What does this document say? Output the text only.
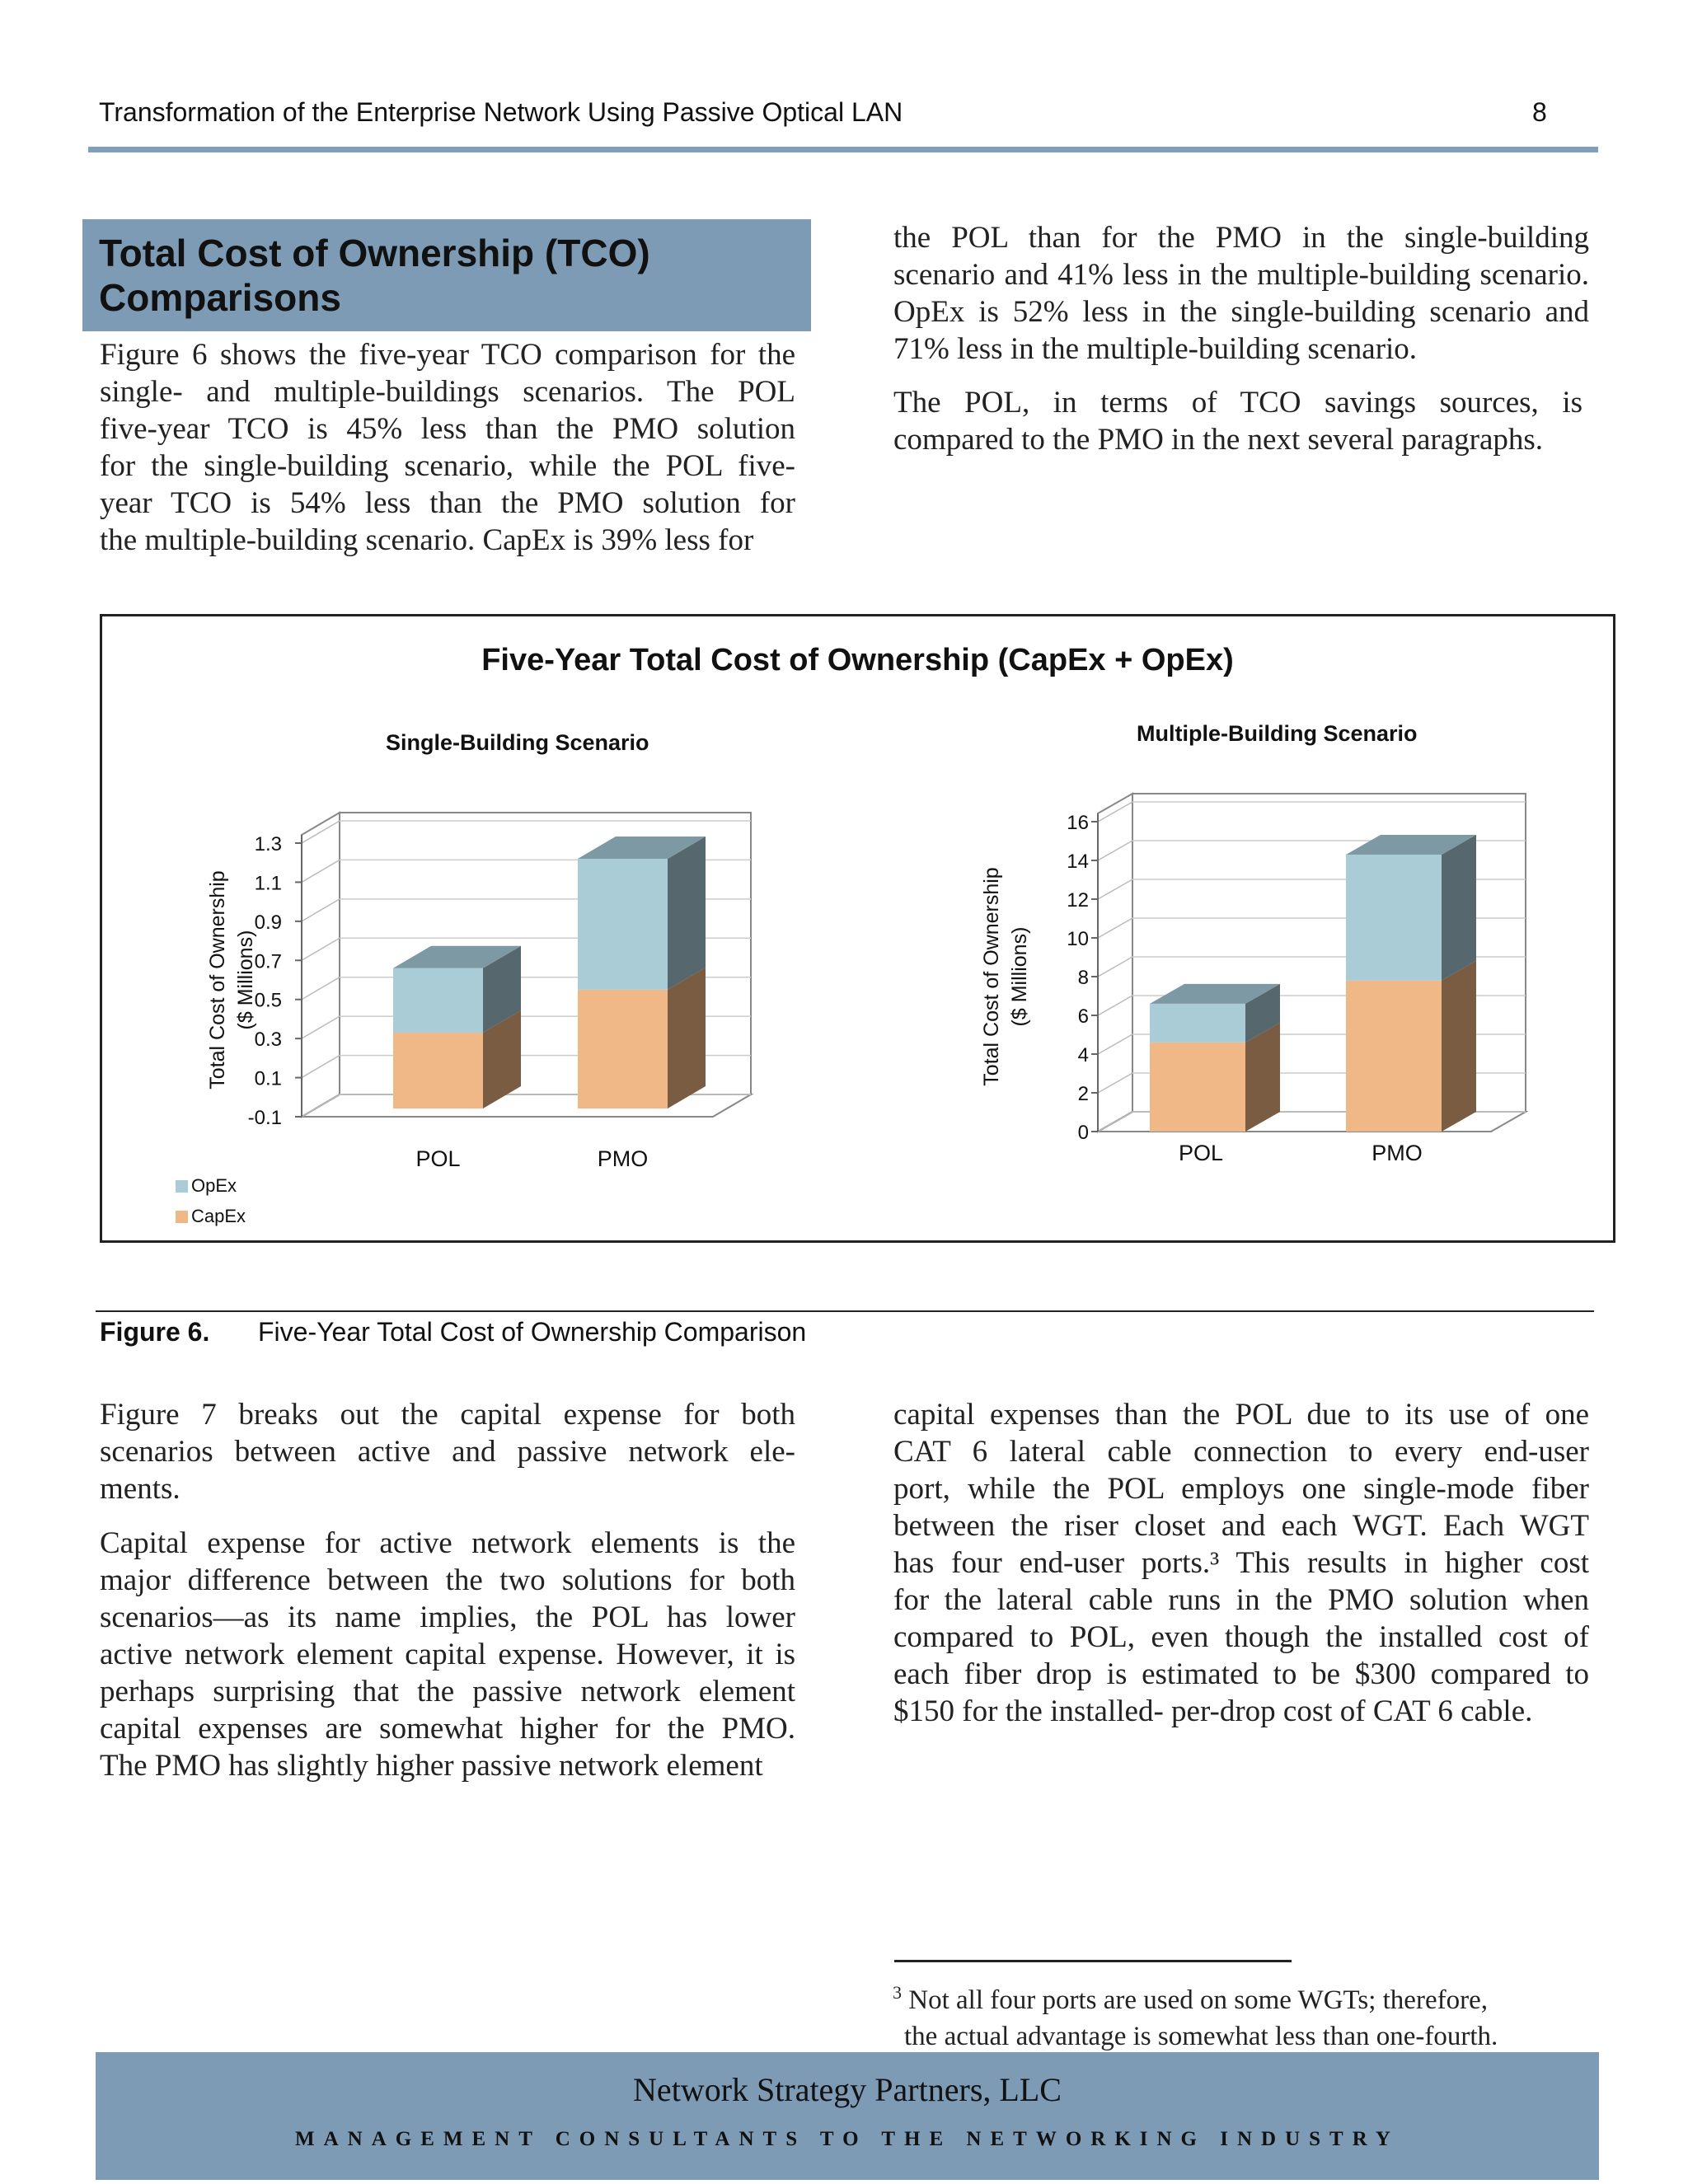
Transformation of the Enterprise Network Using Passive Optical LAN	8
Total Cost of Ownership (TCO) Comparisons
Figure 6 shows the five-year TCO comparison for the
single- and multiple-buildings scenarios. The POL
five-year TCO is 45% less than the PMO solution
for the single-building scenario, while the POL five-
year TCO is 54% less than the PMO solution for
the multiple-building scenario. CapEx is 39% less for
the POL than for the PMO in the single-building
scenario and 41% less in the multiple-building scenario.
OpEx is 52% less in the single-building scenario and
71% less in the multiple-building scenario.
The POL, in terms of TCO savings sources, is
compared to the PMO in the next several paragraphs.
Five-Year Total Cost of Ownership (CapEx + OpEx)
Single-Building Scenario	Multiple-Building Scenario
1.3
1.1
0.9
0.7
0.5
0.3
0.1
-0.1
Total Cost of Ownership ($ Millions)
POL	PMO
16
14
12
10
8
6
4
2
0
Total Cost of Ownership ($ Millions)
POL	PMO
OpEx
CapEx
Figure 6. Five-Year Total Cost of Ownership Comparison
Figure 7 breaks out the capital expense for both
scenarios between active and passive network ele-
ments.
Capital expense for active network elements is the
major difference between the two solutions for both
scenarios—as its name implies, the POL has lower
active network element capital expense. However, it is
perhaps surprising that the passive network element
capital expenses are somewhat higher for the PMO.
The PMO has slightly higher passive network element
capital expenses than the POL due to its use of one
CAT 6 lateral cable connection to every end-user
port, while the POL employs one single-mode fiber
between the riser closet and each WGT. Each WGT
has four end-user ports.³ This results in higher cost
for the lateral cable runs in the PMO solution when
compared to POL, even though the installed cost of
each fiber drop is estimated to be $300 compared to
$150 for the installed- per-drop cost of CAT 6 cable.
$^3$ Not all four ports are used on some WGTs; therefore,
the actual advantage is somewhat less than one-fourth.
Network Strategy Partners, LLC
MANAGEMENT CONSULTANTS TO THE NETWORKING INDUSTRY
